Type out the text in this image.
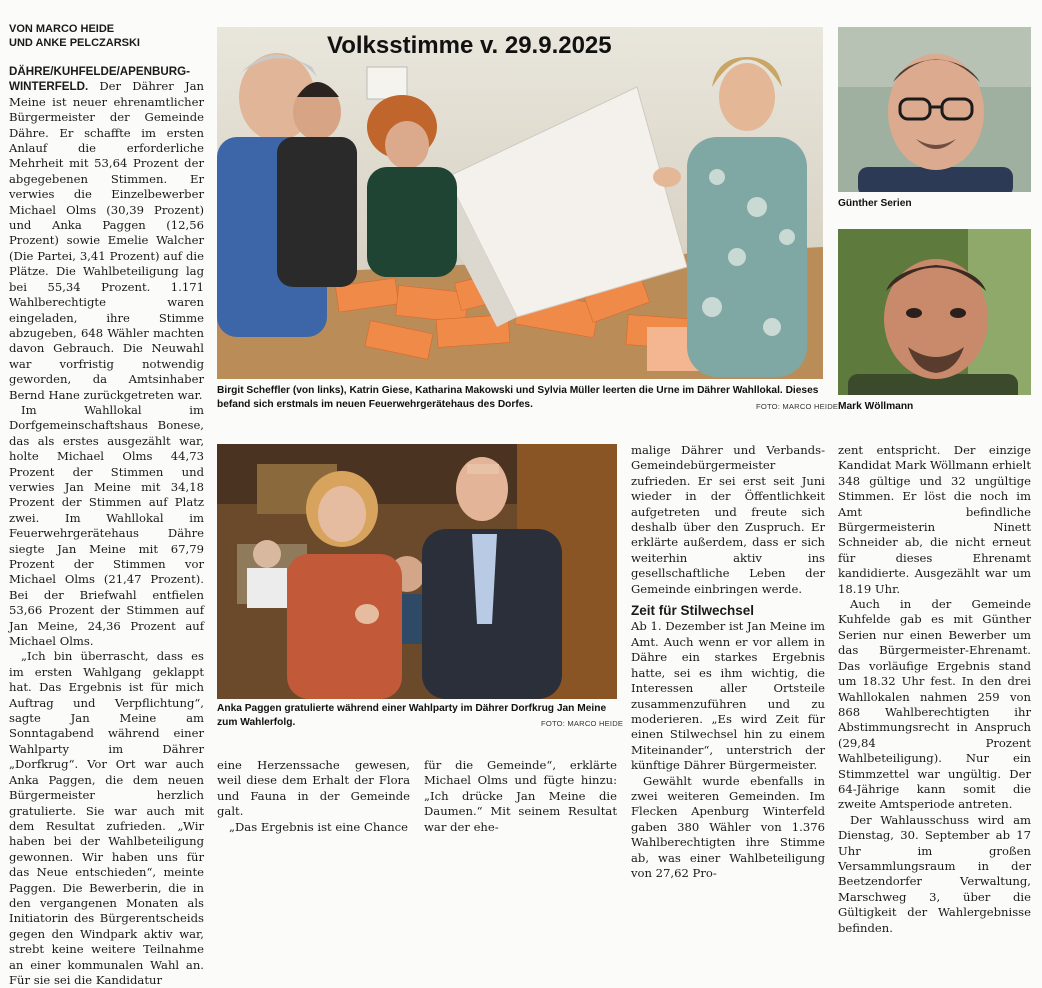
VON MARCO HEIDE
UND ANKE PELCZARSKI

DÄHRE/KUHFELDE/APENBURG-WINTERFELD. Der Dährer Jan Meine ist neuer ehrenamtlicher Bürgermeister der Gemeinde Dähre. Er schaffte im ersten Anlauf die erforderliche Mehrheit mit 53,64 Prozent der abgegebenen Stimmen. Er verwies die Einzelbewerber Michael Olms (30,39 Prozent) und Anka Paggen (12,56 Prozent) sowie Emelie Walcher (Die Partei, 3,41 Prozent) auf die Plätze. Die Wahlbeteiligung lag bei 55,34 Prozent. 1.171 Wahlberechtigte waren eingeladen, ihre Stimme abzugeben, 648 Wähler machten davon Gebrauch. Die Neuwahl war vorfristig notwendig geworden, da Amtsinhaber Bernd Hane zurückgetreten war.

Im Wahllokal im Dorfgemeinschaftshaus Bonese, das als erstes ausgezählt war, holte Michael Olms 44,73 Prozent der Stimmen und verwies Jan Meine mit 34,18 Prozent der Stimmen auf Platz zwei. Im Wahllokal im Feuerwehrgerätehaus Dähre siegte Jan Meine mit 67,79 Prozent der Stimmen vor Michael Olms (21,47 Prozent). Bei der Briefwahl entfielen 53,66 Prozent der Stimmen auf Jan Meine, 24,36 Prozent auf Michael Olms.

„Ich bin überrascht, dass es im ersten Wahlgang geklappt hat. Das Ergebnis ist für mich Auftrag und Verpflichtung“, sagte Jan Meine am Sonntagabend während einer Wahlparty im Dährer „Dorfkrug“. Vor Ort war auch Anka Paggen, die dem neuen Bürgermeister herzlich gratulierte. Sie war auch mit dem Resultat zufrieden. „Wir haben bei der Wahlbeteiligung gewonnen. Wir haben uns für das Neue entschieden“, meinte Paggen. Die Bewerberin, die in den vergangenen Monaten als Initiatorin des Bürgerentscheids gegen den Windpark aktiv war, strebt keine weitere Teilnahme an einer kommunalen Wahl an. Für sie sei die Kandidatur

Volksstimme v. 29.9.2025
Birgit Scheffler (von links), Katrin Giese, Katharina Makowski und Sylvia Müller leerten die Urne im Dährer Wahllokal. Dieses befand sich erstmals im neuen Feuerwehrgerätehaus des Dorfes.	FOTO: MARCO HEIDE
Anka Paggen gratulierte während einer Wahlparty im Dährer Dorfkrug Jan Meine zum Wahlerfolg.	FOTO: MARCO HEIDE

eine Herzenssache gewesen, weil diese dem Erhalt der Flora und Fauna in der Gemeinde galt.

„Das Ergebnis ist eine Chance

für die Gemeinde“, erklärte Michael Olms und fügte hinzu: „Ich drücke Jan Meine die Daumen.“ Mit seinem Resultat war der ehe-

malige Dährer und Verbands-Gemeindebürgermeister zufrieden. Er sei erst seit Juni wieder in der Öffentlichkeit aufgetreten und freute sich deshalb über den Zuspruch. Er erklärte außerdem, dass er sich weiterhin aktiv ins gesellschaftliche Leben der Gemeinde einbringen werde.

Zeit für Stilwechsel

Ab 1. Dezember ist Jan Meine im Amt. Auch wenn er vor allem in Dähre ein starkes Ergebnis hatte, sei es ihm wichtig, die Interessen aller Ortsteile zusammenzuführen und zu moderieren. „Es wird Zeit für einen Stilwechsel hin zu einem Miteinander“, unterstrich der künftige Dährer Bürgermeister.

Gewählt wurde ebenfalls in zwei weiteren Gemeinden. Im Flecken Apenburg Winterfeld gaben 380 Wähler von 1.376 Wahlberechtigten ihre Stimme ab, was einer Wahlbeteiligung von 27,62 Pro-

zent entspricht. Der einzige Kandidat Mark Wöllmann erhielt 348 gültige und 32 ungültige Stimmen. Er löst die noch im Amt befindliche Bürgermeisterin Ninett Schneider ab, die nicht erneut für dieses Ehrenamt kandidierte. Ausgezählt war um 18.19 Uhr.

Auch in der Gemeinde Kuhfelde gab es mit Günther Serien nur einen Bewerber um das Bürgermeister-Ehrenamt. Das vorläufige Ergebnis stand um 18.32 Uhr fest. In den drei Wahllokalen nahmen 259 von 868 Wahlberechtigten ihr Abstimmungsrecht in Anspruch (29,84 Prozent Wahlbeteiligung). Nur ein Stimmzettel war ungültig. Der 64-Jährige kann somit die zweite Amtsperiode antreten.

Der Wahlausschuss wird am Dienstag, 30. September ab 17 Uhr im großen Versammlungsraum in der Beetzendorfer Verwaltung, Marschweg 3, über die Gültigkeit der Wahlergebnisse befinden.

Günther Serien
Mark Wöllmann
